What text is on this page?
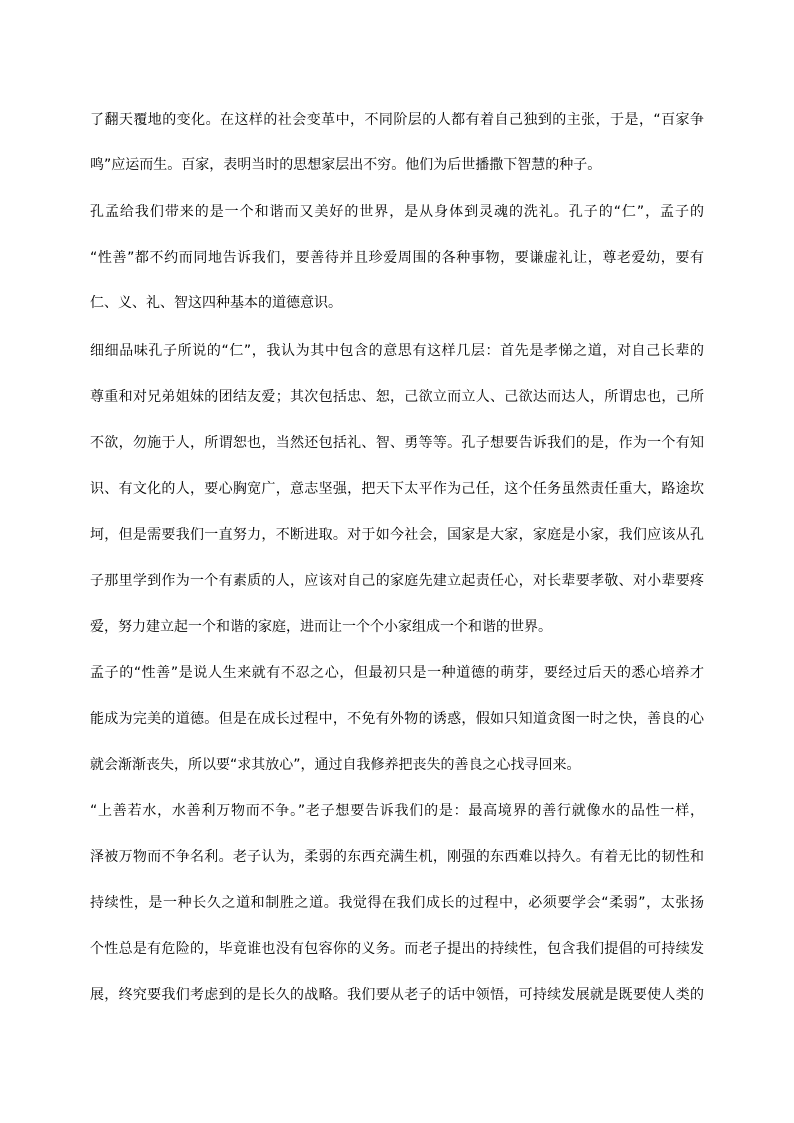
了翻天覆地的变化。在这样的社会变革中，不同阶层的人都有着自己独到的主张，于是，“百家争
鸣”应运而生。百家，表明当时的思想家层出不穷。他们为后世播撒下智慧的种子。
孔孟给我们带来的是一个和谐而又美好的世界，是从身体到灵魂的洗礼。孔子的“仁”，孟子的
“性善”都不约而同地告诉我们，要善待并且珍爱周围的各种事物，要谦虚礼让，尊老爱幼，要有
仁、义、礼、智这四种基本的道德意识。
细细品味孔子所说的“仁”，我认为其中包含的意思有这样几层：首先是孝悌之道，对自己长辈的
尊重和对兄弟姐妹的团结友爱；其次包括忠、恕，己欲立而立人、己欲达而达人，所谓忠也，己所
不欲，勿施于人，所谓恕也，当然还包括礼、智、勇等等。孔子想要告诉我们的是，作为一个有知
识、有文化的人，要心胸宽广，意志坚强，把天下太平作为己任，这个任务虽然责任重大，路途坎
坷，但是需要我们一直努力，不断进取。对于如今社会，国家是大家，家庭是小家，我们应该从孔
子那里学到作为一个有素质的人，应该对自己的家庭先建立起责任心，对长辈要孝敬、对小辈要疼
爱，努力建立起一个和谐的家庭，进而让一个个小家组成一个和谐的世界。
孟子的“性善”是说人生来就有不忍之心，但最初只是一种道德的萌芽，要经过后天的悉心培养才
能成为完美的道德。但是在成长过程中，不免有外物的诱惑，假如只知道贪图一时之快，善良的心
就会渐渐丧失，所以要“求其放心”，通过自我修养把丧失的善良之心找寻回来。
“上善若水，水善利万物而不争。”老子想要告诉我们的是：最高境界的善行就像水的品性一样，
泽被万物而不争名利。老子认为，柔弱的东西充满生机，刚强的东西难以持久。有着无比的韧性和
持续性，是一种长久之道和制胜之道。我觉得在我们成长的过程中，必须要学会“柔弱”，太张扬
个性总是有危险的，毕竟谁也没有包容你的义务。而老子提出的持续性，包含我们提倡的可持续发
展，终究要我们考虑到的是长久的战略。我们要从老子的话中领悟，可持续发展就是既要使人类的
